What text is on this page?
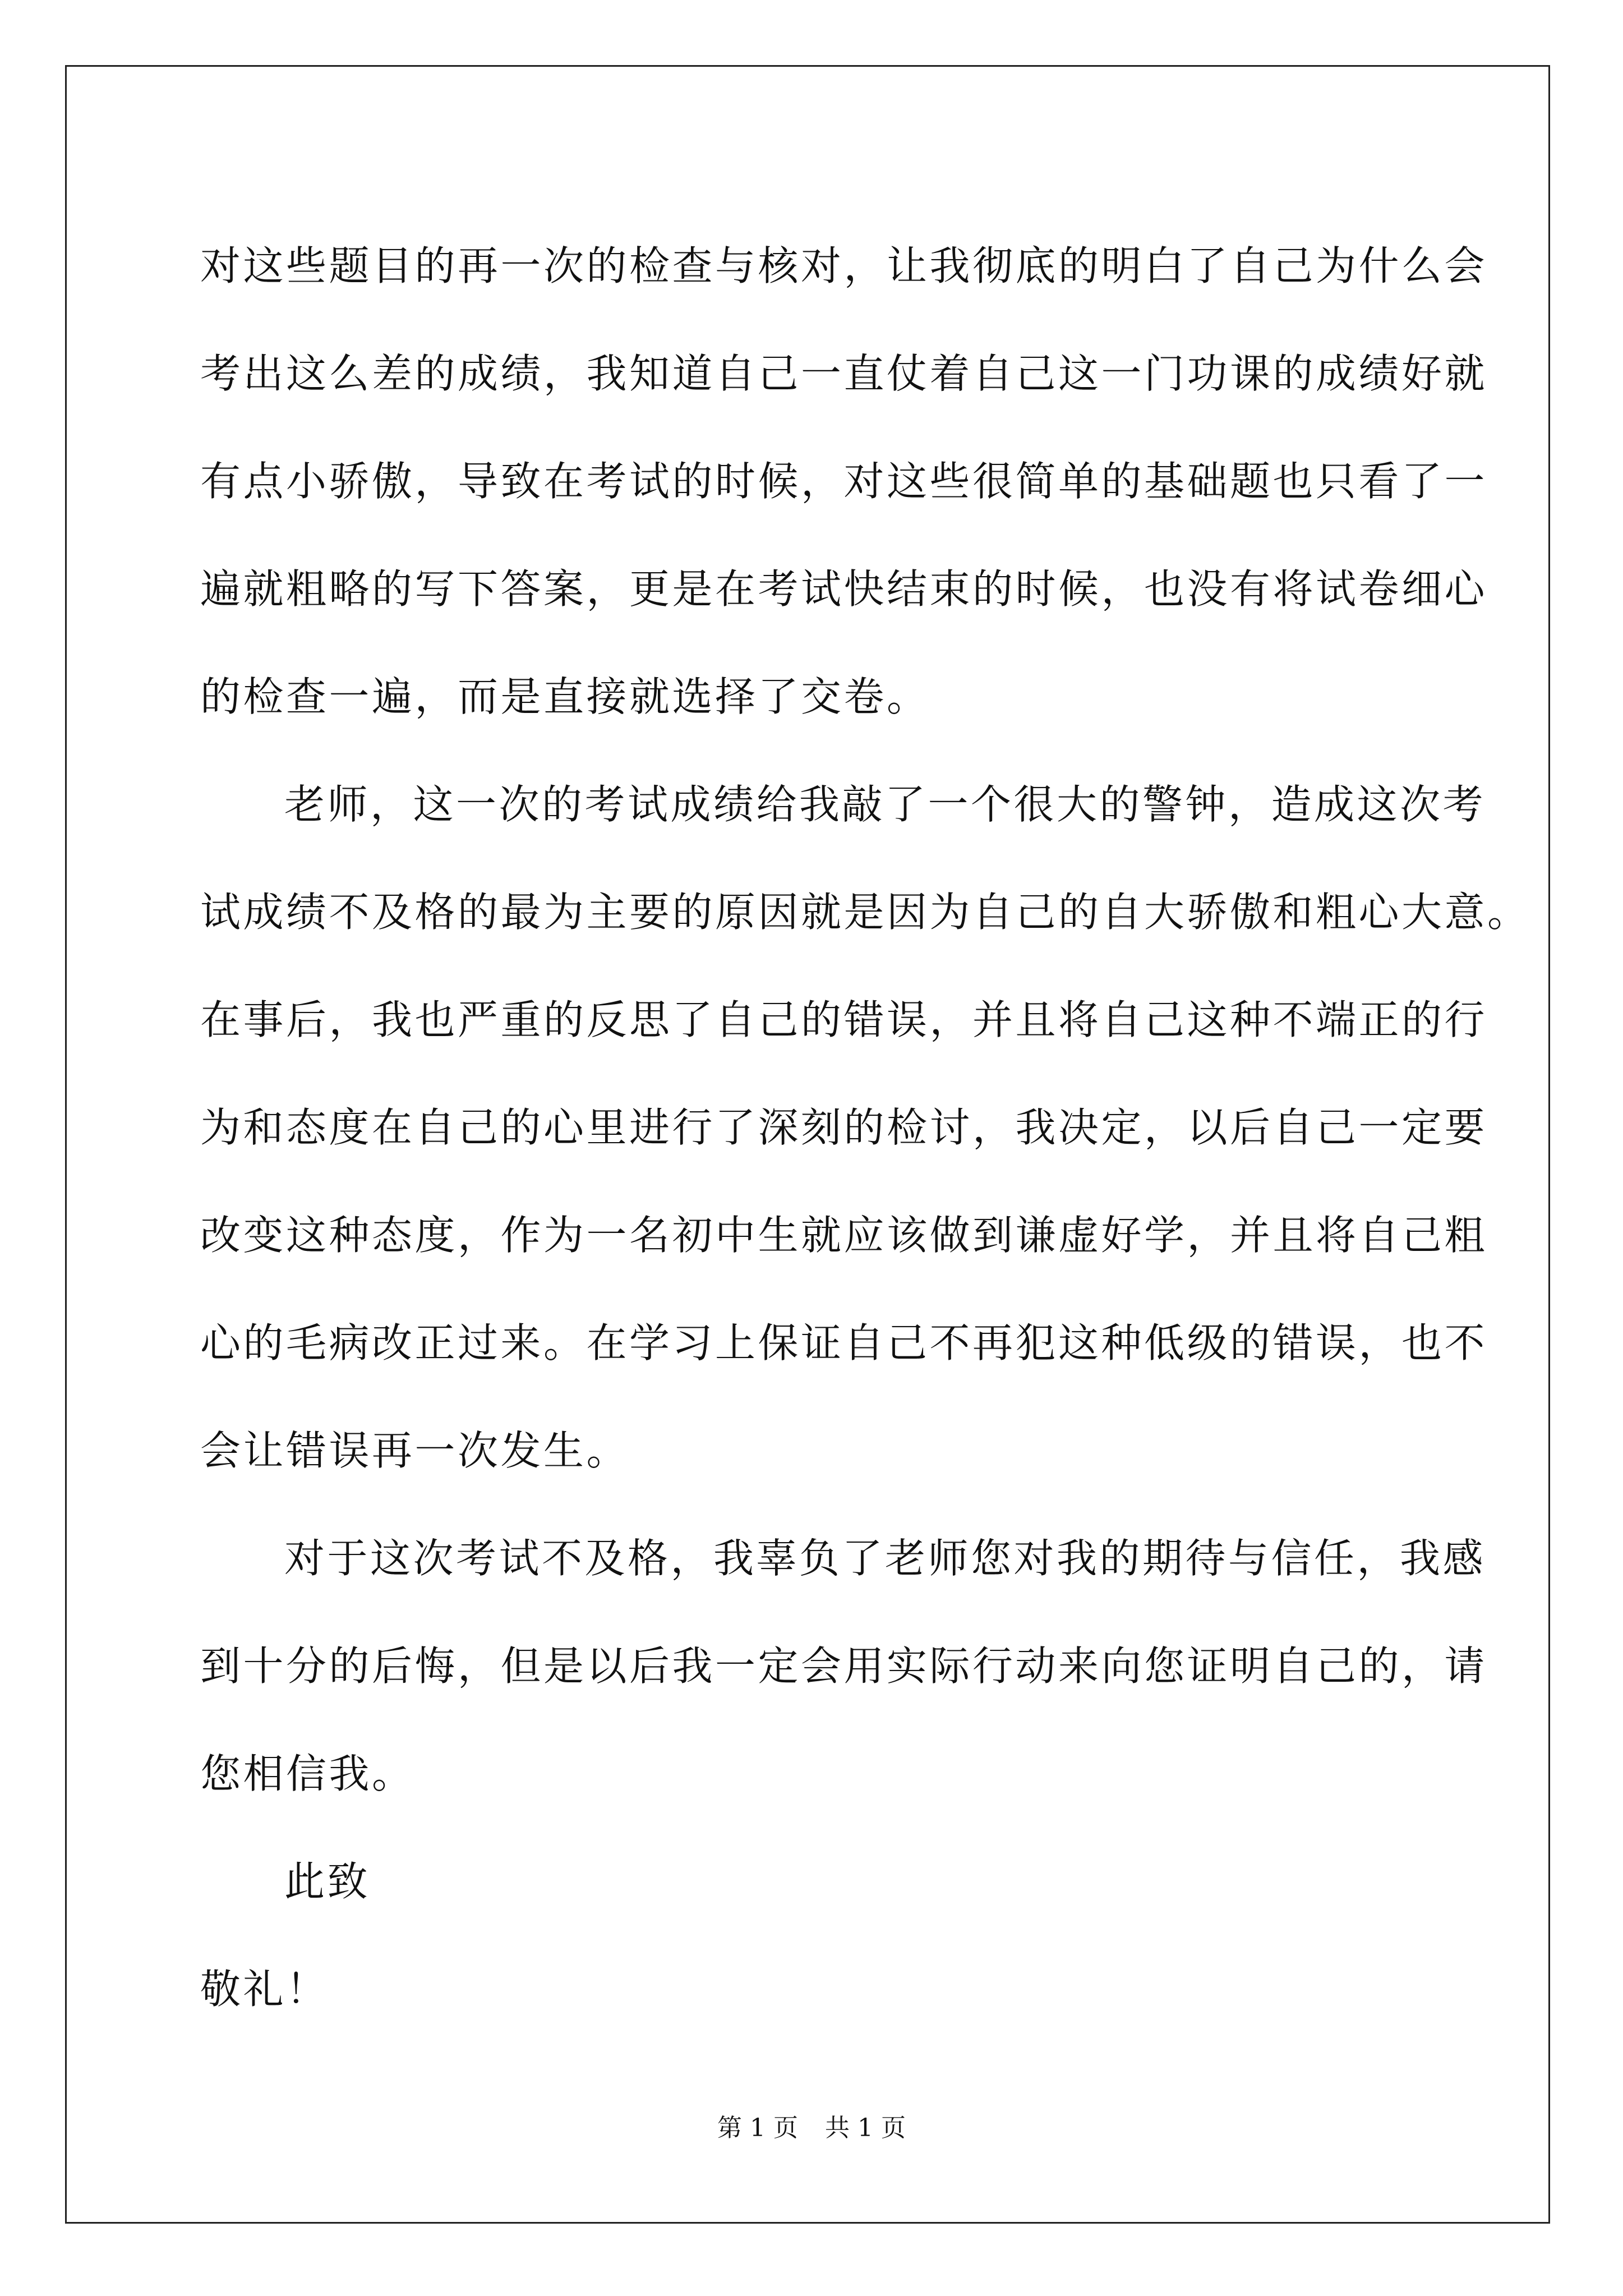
对这些题目的再一次的检查与核对，让我彻底的明白了自己为什么会
考出这么差的成绩，我知道自己一直仗着自己这一门功课的成绩好就
有点小骄傲，导致在考试的时候，对这些很简单的基础题也只看了一
遍就粗略的写下答案，更是在考试快结束的时候，也没有将试卷细心
的检查一遍，而是直接就选择了交卷。

老师，这一次的考试成绩给我敲了一个很大的警钟，造成这次考
试成绩不及格的最为主要的原因就是因为自己的自大骄傲和粗心大意。
在事后，我也严重的反思了自己的错误，并且将自己这种不端正的行
为和态度在自己的心里进行了深刻的检讨，我决定，以后自己一定要
改变这种态度，作为一名初中生就应该做到谦虚好学，并且将自己粗
心的毛病改正过来。在学习上保证自己不再犯这种低级的错误，也不
会让错误再一次发生。

对于这次考试不及格，我辜负了老师您对我的期待与信任，我感
到十分的后悔，但是以后我一定会用实际行动来向您证明自己的，请
您相信我。

此致
敬礼！

第 1 页 共 1 页
